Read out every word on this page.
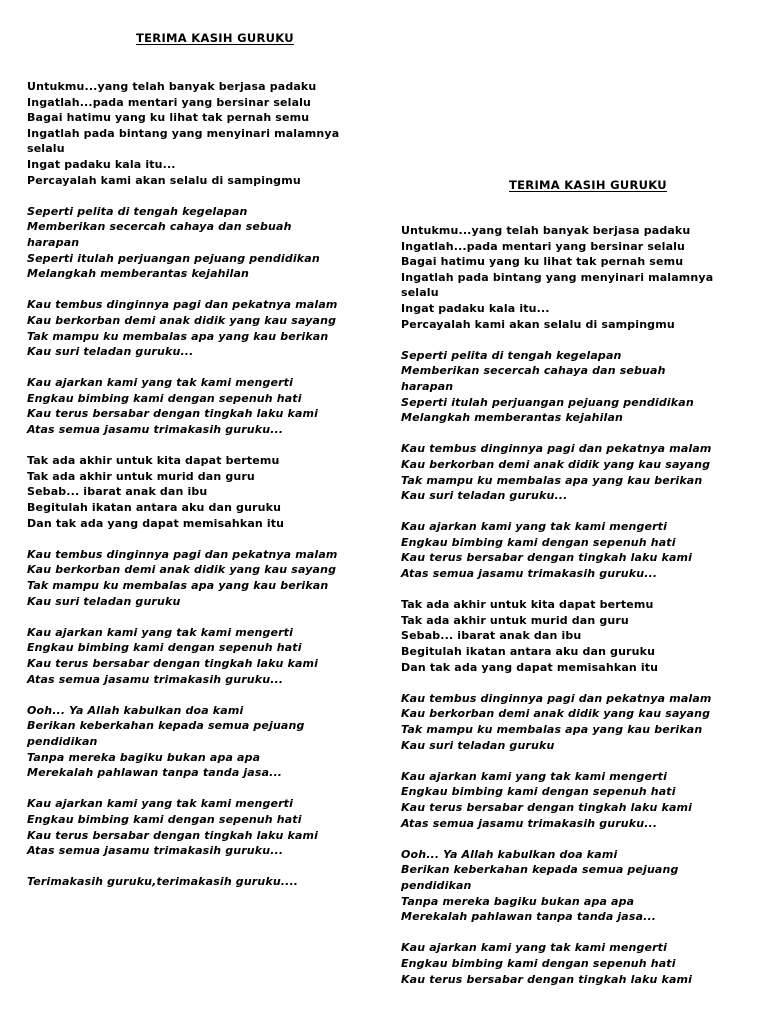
TERIMA KASIH GURUKU
Untukmu...yang telah banyak berjasa padaku
Ingatlah...pada mentari yang bersinar selalu
Bagai hatimu yang ku lihat tak pernah semu
Ingatlah pada bintang yang menyinari malamnya
selalu
Ingat padaku kala itu...
Percayalah kami akan selalu di sampingmu
Seperti pelita di tengah kegelapan
Memberikan secercah cahaya dan sebuah
harapan
Seperti itulah perjuangan pejuang pendidikan
Melangkah memberantas kejahilan
Kau tembus dinginnya pagi dan pekatnya malam
Kau berkorban demi anak didik yang kau sayang
Tak mampu ku membalas apa yang kau berikan
Kau suri teladan guruku...
Kau ajarkan kami yang tak kami mengerti
Engkau bimbing kami dengan sepenuh hati
Kau terus bersabar dengan tingkah laku kami
Atas semua jasamu trimakasih guruku...
Tak ada akhir untuk kita dapat bertemu
Tak ada akhir untuk murid dan guru
Sebab... ibarat anak dan ibu
Begitulah ikatan antara aku dan guruku
Dan tak ada yang dapat memisahkan itu
Kau tembus dinginnya pagi dan pekatnya malam
Kau berkorban demi anak didik yang kau sayang
Tak mampu ku membalas apa yang kau berikan
Kau suri teladan guruku
Kau ajarkan kami yang tak kami mengerti
Engkau bimbing kami dengan sepenuh hati
Kau terus bersabar dengan tingkah laku kami
Atas semua jasamu trimakasih guruku...
Ooh... Ya Allah kabulkan doa kami
Berikan keberkahan kepada semua pejuang
pendidikan
Tanpa mereka bagiku bukan apa apa
Merekalah pahlawan tanpa tanda jasa...
Kau ajarkan kami yang tak kami mengerti
Engkau bimbing kami dengan sepenuh hati
Kau terus bersabar dengan tingkah laku kami
Atas semua jasamu trimakasih guruku...
Terimakasih guruku,terimakasih guruku....
TERIMA KASIH GURUKU
Untukmu...yang telah banyak berjasa padaku
Ingatlah...pada mentari yang bersinar selalu
Bagai hatimu yang ku lihat tak pernah semu
Ingatlah pada bintang yang menyinari malamnya
selalu
Ingat padaku kala itu...
Percayalah kami akan selalu di sampingmu
Seperti pelita di tengah kegelapan
Memberikan secercah cahaya dan sebuah
harapan
Seperti itulah perjuangan pejuang pendidikan
Melangkah memberantas kejahilan
Kau tembus dinginnya pagi dan pekatnya malam
Kau berkorban demi anak didik yang kau sayang
Tak mampu ku membalas apa yang kau berikan
Kau suri teladan guruku...
Kau ajarkan kami yang tak kami mengerti
Engkau bimbing kami dengan sepenuh hati
Kau terus bersabar dengan tingkah laku kami
Atas semua jasamu trimakasih guruku...
Tak ada akhir untuk kita dapat bertemu
Tak ada akhir untuk murid dan guru
Sebab... ibarat anak dan ibu
Begitulah ikatan antara aku dan guruku
Dan tak ada yang dapat memisahkan itu
Kau tembus dinginnya pagi dan pekatnya malam
Kau berkorban demi anak didik yang kau sayang
Tak mampu ku membalas apa yang kau berikan
Kau suri teladan guruku
Kau ajarkan kami yang tak kami mengerti
Engkau bimbing kami dengan sepenuh hati
Kau terus bersabar dengan tingkah laku kami
Atas semua jasamu trimakasih guruku...
Ooh... Ya Allah kabulkan doa kami
Berikan keberkahan kepada semua pejuang
pendidikan
Tanpa mereka bagiku bukan apa apa
Merekalah pahlawan tanpa tanda jasa...
Kau ajarkan kami yang tak kami mengerti
Engkau bimbing kami dengan sepenuh hati
Kau terus bersabar dengan tingkah laku kami
